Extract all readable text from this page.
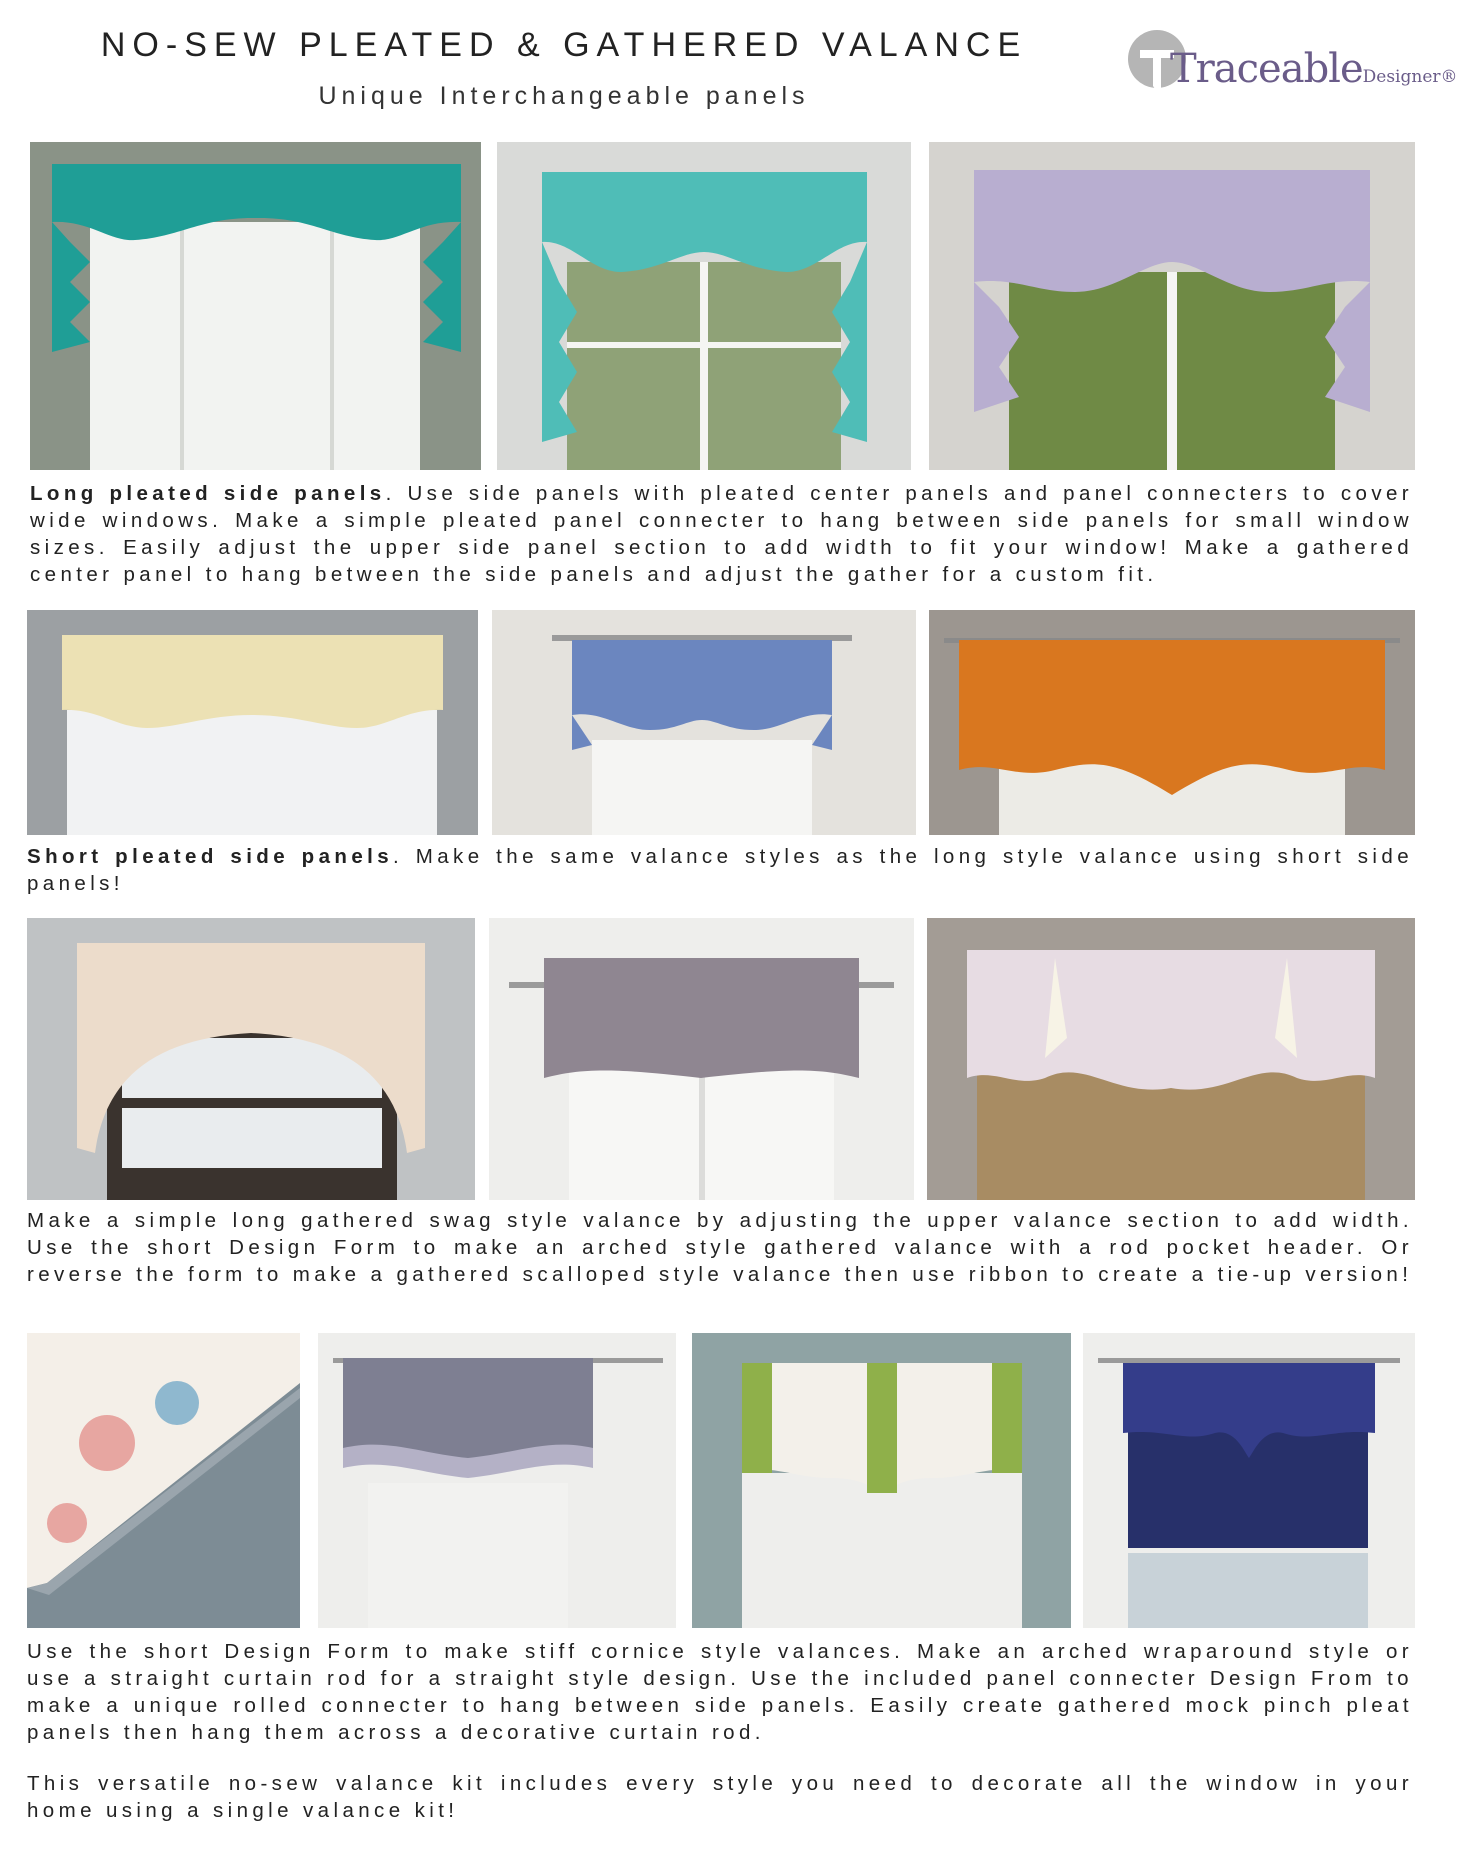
NO-SEW PLEATED & GATHERED VALANCE
Unique Interchangeable panels
TraceableDesigner®
Long pleated side panels. Use side panels with pleated center panels and panel connecters to cover wide windows. Make a simple pleated panel connecter to hang between side panels for small window sizes. Easily adjust the upper side panel section to add width to fit your window! Make a gathered center panel to hang between the side panels and adjust the gather for a custom fit.
Short pleated side panels. Make the same valance styles as the long style valance using short side panels!
Make a simple long gathered swag style valance by adjusting the upper valance section to add width. Use the short Design Form to make an arched style gathered valance with a rod pocket header. Or reverse the form to make a gathered scalloped style valance then use ribbon to create a tie-up version!
Use the short Design Form to make stiff cornice style valances. Make an arched wraparound style or use a straight curtain rod for a straight style design. Use the included panel connecter Design From to make a unique rolled connecter to hang between side panels. Easily create gathered mock pinch pleat panels then hang them across a decorative curtain rod.
This versatile no-sew valance kit includes every style you need to decorate all the window in your home using a single valance kit!
